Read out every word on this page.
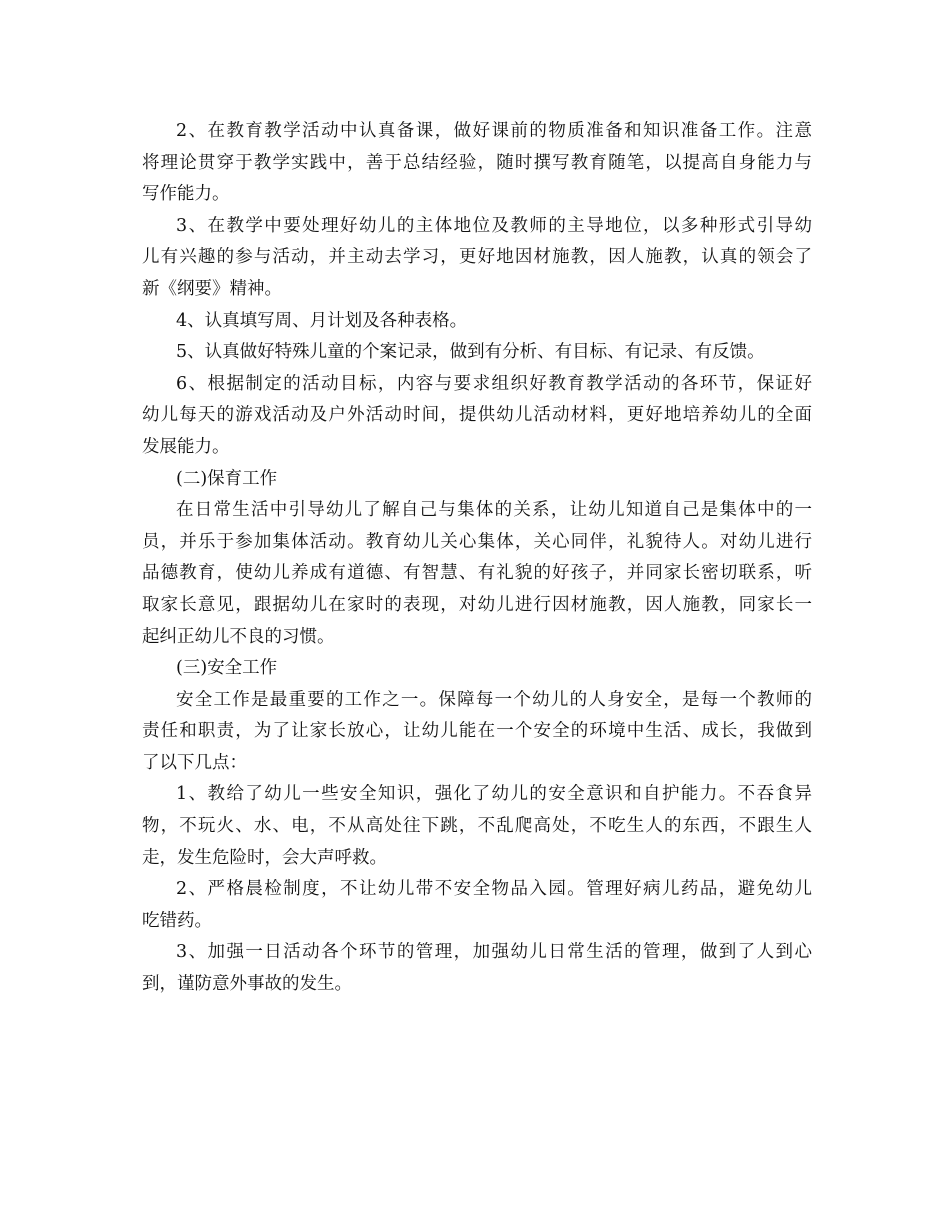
2、在教育教学活动中认真备课，做好课前的物质准备和知识准备工作。注意
将理论贯穿于教学实践中，善于总结经验，随时撰写教育随笔，以提高自身能力与
写作能力。
3、在教学中要处理好幼儿的主体地位及教师的主导地位，以多种形式引导幼
儿有兴趣的参与活动，并主动去学习，更好地因材施教，因人施教，认真的领会了
新《纲要》精神。
4、认真填写周、月计划及各种表格。
5、认真做好特殊儿童的个案记录，做到有分析、有目标、有记录、有反馈。
6、根据制定的活动目标，内容与要求组织好教育教学活动的各环节，保证好
幼儿每天的游戏活动及户外活动时间，提供幼儿活动材料，更好地培养幼儿的全面
发展能力。
(二)保育工作
在日常生活中引导幼儿了解自己与集体的关系，让幼儿知道自己是集体中的一
员，并乐于参加集体活动。教育幼儿关心集体，关心同伴，礼貌待人。对幼儿进行
品德教育，使幼儿养成有道德、有智慧、有礼貌的好孩子，并同家长密切联系，听
取家长意见，跟据幼儿在家时的表现，对幼儿进行因材施教，因人施教，同家长一
起纠正幼儿不良的习惯。
(三)安全工作
安全工作是最重要的工作之一。保障每一个幼儿的人身安全，是每一个教师的
责任和职责，为了让家长放心，让幼儿能在一个安全的环境中生活、成长，我做到
了以下几点：
1、教给了幼儿一些安全知识，强化了幼儿的安全意识和自护能力。不吞食异
物，不玩火、水、电，不从高处往下跳，不乱爬高处，不吃生人的东西，不跟生人
走，发生危险时，会大声呼救。
2、严格晨检制度，不让幼儿带不安全物品入园。管理好病儿药品，避免幼儿
吃错药。
3、加强一日活动各个环节的管理，加强幼儿日常生活的管理，做到了人到心
到，谨防意外事故的发生。
